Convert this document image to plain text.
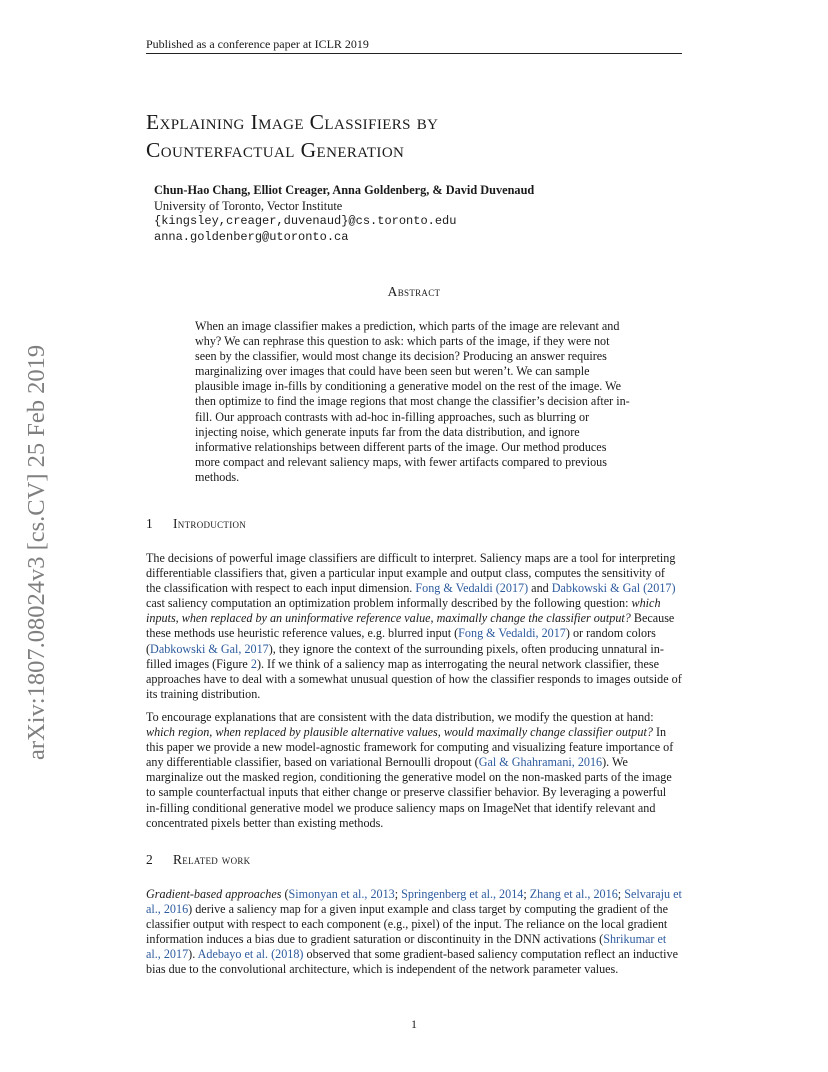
Published as a conference paper at ICLR 2019
arXiv:1807.08024v3 [cs.CV] 25 Feb 2019
Explaining Image Classifiers by
Counterfactual Generation
Chun-Hao Chang, Elliot Creager, Anna Goldenberg, & David Duvenaud
University of Toronto, Vector Institute
{kingsley,creager,duvenaud}@cs.toronto.edu
anna.goldenberg@utoronto.ca
Abstract

When an image classifier makes a prediction, which parts of the image are relevant and why? We can rephrase this question to ask: which parts of the image, if they were not seen by the classifier, would most change its decision? Producing an answer requires marginalizing over images that could have been seen but weren’t. We can sample plausible image in-fills by conditioning a generative model on the rest of the image. We then optimize to find the image regions that most change the classifier’s decision after in-fill. Our approach contrasts with ad-hoc in-filling approaches, such as blurring or injecting noise, which generate inputs far from the data distribution, and ignore informative relationships between different parts of the image. Our method produces more compact and relevant saliency maps, with fewer artifacts compared to previous methods.

1 Introduction

The decisions of powerful image classifiers are difficult to interpret. Saliency maps are a tool for interpreting differentiable classifiers that, given a particular input example and output class, computes the sensitivity of the classification with respect to each input dimension. Fong & Vedaldi (2017) and Dabkowski & Gal (2017) cast saliency computation an optimization problem informally described by the following question: which inputs, when replaced by an uninformative reference value, maximally change the classifier output? Because these methods use heuristic reference values, e.g. blurred input (Fong & Vedaldi, 2017) or random colors (Dabkowski & Gal, 2017), they ignore the context of the surrounding pixels, often producing unnatural in-filled images (Figure 2). If we think of a saliency map as interrogating the neural network classifier, these approaches have to deal with a somewhat unusual question of how the classifier responds to images outside of its training distribution.

To encourage explanations that are consistent with the data distribution, we modify the question at hand: which region, when replaced by plausible alternative values, would maximally change classifier output? In this paper we provide a new model-agnostic framework for computing and visualizing feature importance of any differentiable classifier, based on variational Bernoulli dropout (Gal & Ghahramani, 2016). We marginalize out the masked region, conditioning the generative model on the non-masked parts of the image to sample counterfactual inputs that either change or preserve classifier behavior. By leveraging a powerful in-filling conditional generative model we produce saliency maps on ImageNet that identify relevant and concentrated pixels better than existing methods.

2 Related work

Gradient-based approaches (Simonyan et al., 2013; Springenberg et al., 2014; Zhang et al., 2016; Selvaraju et al., 2016) derive a saliency map for a given input example and class target by computing the gradient of the classifier output with respect to each component (e.g., pixel) of the input. The reliance on the local gradient information induces a bias due to gradient saturation or discontinuity in the DNN activations (Shrikumar et al., 2017). Adebayo et al. (2018) observed that some gradient-based saliency computation reflect an inductive bias due to the convolutional architecture, which is independent of the network parameter values.

1
